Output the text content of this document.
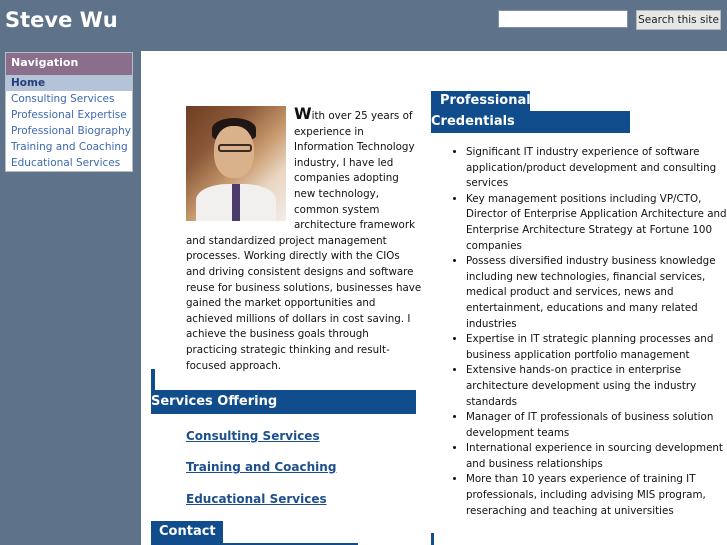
Steve Wu	Search this site
Navigation
Home
Consulting Services
Professional Expertise
Professional Biography
Training and Coaching
Educational Services

With over 25 years of experience in Information Technology industry, I have led companies adopting new technology, common system architecture framework and standardized project management processes. Working directly with the CIOs and driving consistent designs and software reuse for business solutions, businesses have gained the market opportunities and achieved millions of dollars in cost saving. I achieve the business goals through practicing strategic thinking and result-focused approach.

Services Offering
Consulting Services
Training and Coaching
Educational Services
Contact
Professional
Credentials
• Significant IT industry experience of software application/product development and consulting services
• Key management positions including VP/CTO, Director of Enterprise Application Architecture and Enterprise Architecture Strategy at Fortune 100 companies
• Possess diversified industry business knowledge including new technologies, financial services, medical product and services, news and entertainment, educations and many related industries
• Expertise in IT strategic planning processes and business application portfolio management
• Extensive hands-on practice in enterprise architecture development using the industry standards
• Manager of IT professionals of business solution development teams
• International experience in sourcing development and business relationships
• More than 10 years experience of training IT professionals, including advising MIS program, reseraching and teaching at universities
